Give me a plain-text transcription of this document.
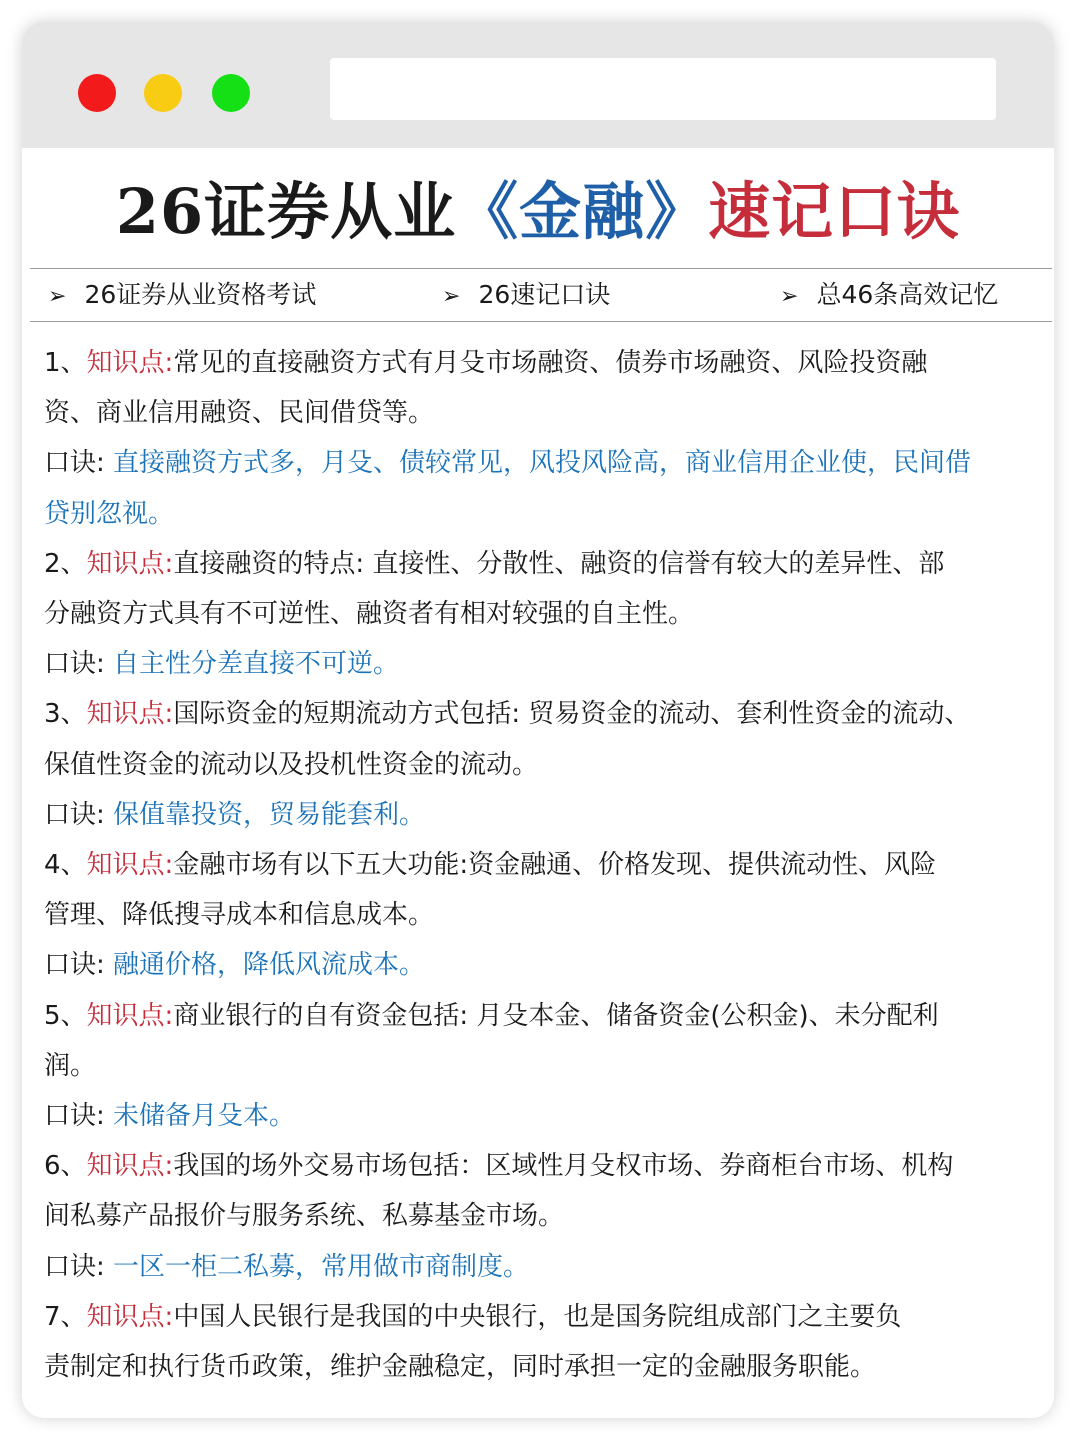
26证券从业《金融》速记口诀
➢ 26证券从业资格考试	➢ 26速记口诀	➢ 总46条高效记忆

1、知识点:常见的直接融资方式有月殳市场融资、债券市场融资、风险投资融

资、商业信用融资、民间借贷等。

口诀: 直接融资方式多，月殳、债较常见，风投风险高，商业信用企业使，民间借

贷别忽视。

2、知识点:直接融资的特点: 直接性、分散性、融资的信誉有较大的差异性、部

分融资方式具有不可逆性、融资者有相对较强的自主性。

口诀: 自主性分差直接不可逆。

3、知识点:国际资金的短期流动方式包括: 贸易资金的流动、套利性资金的流动、

保值性资金的流动以及投机性资金的流动。

口诀: 保值靠投资，贸易能套利。

4、知识点:金融市场有以下五大功能:资金融通、价格发现、提供流动性、风险

管理、降低搜寻成本和信息成本。

口诀: 融通价格，降低风流成本。

5、知识点:商业银行的自有资金包括: 月殳本金、储备资金(公积金)、未分配利

润。

口诀: 未储备月殳本。

6、知识点:我国的场外交易市场包括：区域性月殳权市场、券商柜台市场、机构

间私募产品报价与服务系统、私募基金市场。

口诀: 一区一柜二私募，常用做市商制度。

7、知识点:中国人民银行是我国的中央银行，也是国务院组成部门之主要负

责制定和执行货币政策，维护金融稳定，同时承担一定的金融服务职能。
